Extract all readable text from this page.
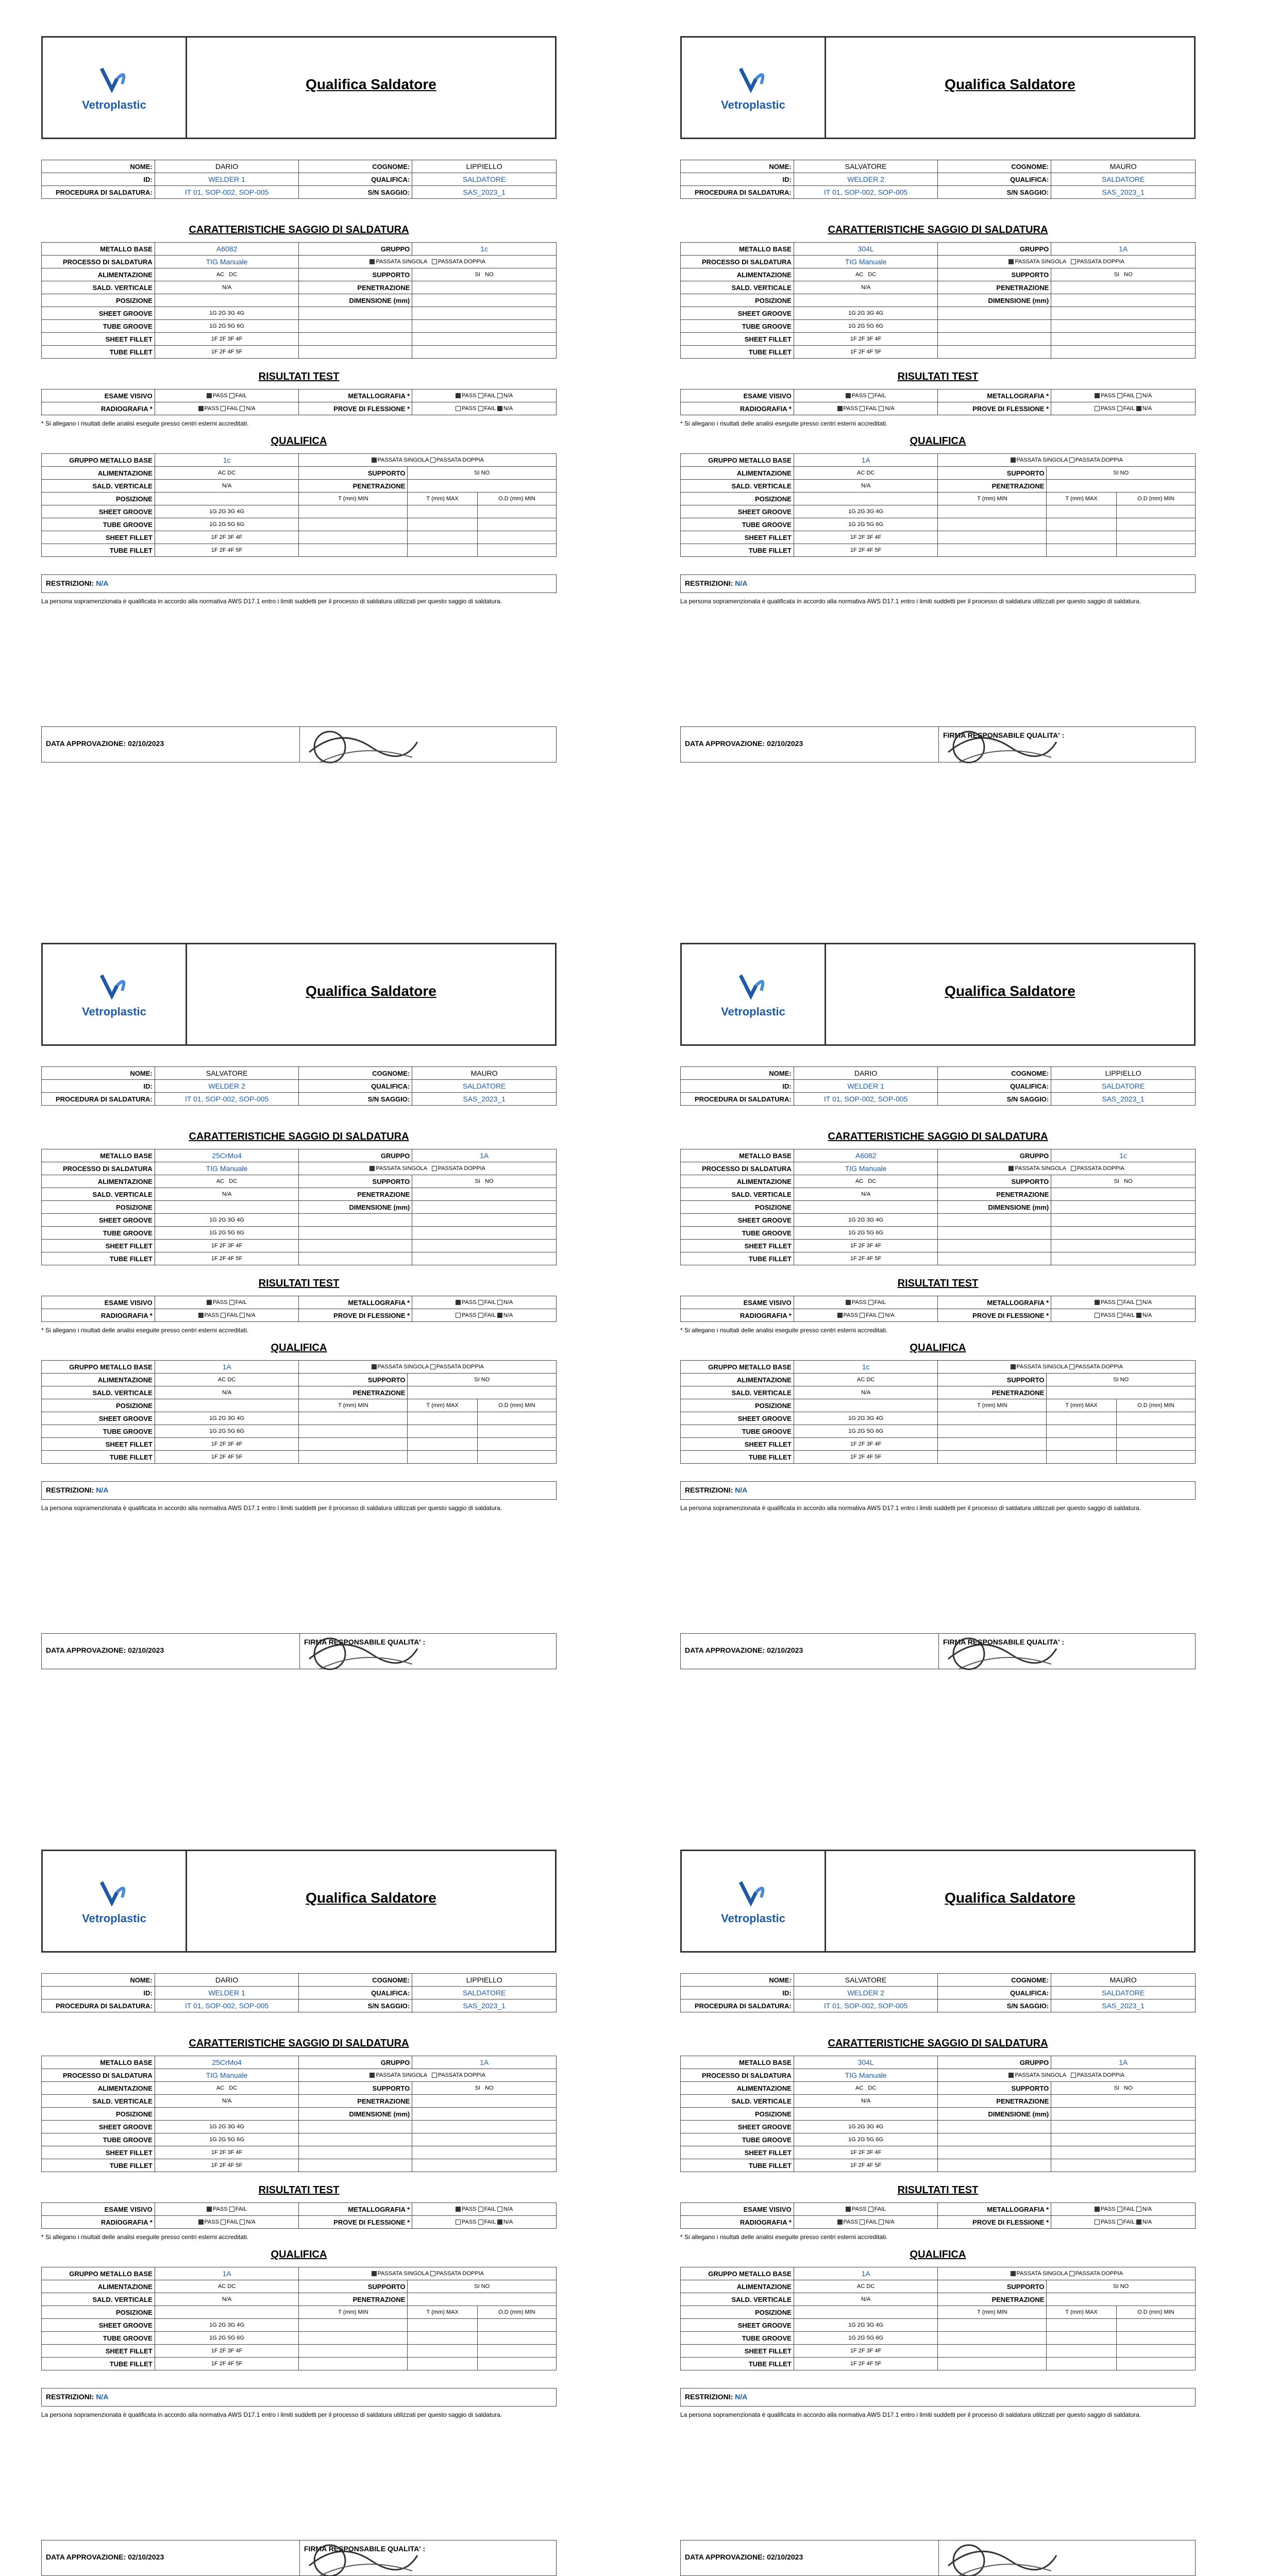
Vetroplastic
Qualifica Saldatore
NOME:	DARIO	COGNOME:	LIPPIELLO
ID:	WELDER 1	QUALIFICA:	SALDATORE
PROCEDURA DI SALDATURA:	IT 01, SOP-002, SOP-005	S/N SAGGIO:	SAS_2023_1
CARATTERISTICHE SAGGIO DI SALDATURA
METALLO BASE	A6082	GRUPPO	1c
PROCESSO DI SALDATURA	TIG Manuale	PASSATA SINGOLA PASSATA DOPPIA	
ALIMENTAZIONE	AC   DC	SUPPORTO	SI   NO
SALD. VERTICALE	N/A	PENETRAZIONE	
POSIZIONE		DIMENSIONE (mm)	
SHEET GROOVE	1G 2G 3G 4G		
TUBE GROOVE	1G 2G 5G 6G		
SHEET FILLET	1F 2F 3F 4F		
TUBE FILLET	1F 2F 4F 5F		
RISULTATI TEST
ESAME VISIVO	PASS FAIL	METALLOGRAFIA *	PASS FAIL N/A
RADIOGRAFIA *	PASS FAIL N/A	PROVE DI FLESSIONE *	PASS FAIL N/A
* Si allegano i risultati delle analisi eseguite presso centri esterni accreditati.
QUALIFICA
GRUPPO METALLO BASE	1c	PASSATA SINGOLA PASSATA DOPPIA		
ALIMENTAZIONE	AC DC	SUPPORTO	SI NO	
SALD. VERTICALE	N/A	PENETRAZIONE		
POSIZIONE		T (mm) MIN	T (mm) MAX	O.D (mm) MIN
SHEET GROOVE	1G 2G 3G 4G			
TUBE GROOVE	1G 2G 5G 6G			
SHEET FILLET	1F 2F 3F 4F			
TUBE FILLET	1F 2F 4F 5F			
RESTRIZIONI: N/A
La persona sopramenzionata è qualificata in accordo alla normativa AWS D17.1 entro i limiti suddetti per il processo di saldatura utilizzati per questo saggio di saldatura.
DATA APPROVAZIONE: 02/10/2023
Vetroplastic
Qualifica Saldatore
NOME:	SALVATORE	COGNOME:	MAURO
ID:	WELDER 2	QUALIFICA:	SALDATORE
PROCEDURA DI SALDATURA:	IT 01, SOP-002, SOP-005	S/N SAGGIO:	SAS_2023_1
CARATTERISTICHE SAGGIO DI SALDATURA
METALLO BASE	304L	GRUPPO	1A
PROCESSO DI SALDATURA	TIG Manuale	PASSATA SINGOLA PASSATA DOPPIA	
ALIMENTAZIONE	AC   DC	SUPPORTO	SI   NO
SALD. VERTICALE	N/A	PENETRAZIONE	
POSIZIONE		DIMENSIONE (mm)	
SHEET GROOVE	1G 2G 3G 4G		
TUBE GROOVE	1G 2G 5G 6G		
SHEET FILLET	1F 2F 3F 4F		
TUBE FILLET	1F 2F 4F 5F		
RISULTATI TEST
ESAME VISIVO	PASS FAIL	METALLOGRAFIA *	PASS FAIL N/A
RADIOGRAFIA *	PASS FAIL N/A	PROVE DI FLESSIONE *	PASS FAIL N/A
* Si allegano i risultati delle analisi eseguite presso centri esterni accreditati.
QUALIFICA
GRUPPO METALLO BASE	1A	PASSATA SINGOLA PASSATA DOPPIA		
ALIMENTAZIONE	AC DC	SUPPORTO	SI NO	
SALD. VERTICALE	N/A	PENETRAZIONE		
POSIZIONE		T (mm) MIN	T (mm) MAX	O.D (mm) MIN
SHEET GROOVE	1G 2G 3G 4G			
TUBE GROOVE	1G 2G 5G 6G			
SHEET FILLET	1F 2F 3F 4F			
TUBE FILLET	1F 2F 4F 5F			
RESTRIZIONI: N/A
La persona sopramenzionata è qualificata in accordo alla normativa AWS D17.1 entro i limiti suddetti per il processo di saldatura utilizzati per questo saggio di saldatura.
DATA APPROVAZIONE: 02/10/2023
FIRMA RESPONSABILE QUALITA' :
Vetroplastic
Qualifica Saldatore
NOME:	SALVATORE	COGNOME:	MAURO
ID:	WELDER 2	QUALIFICA:	SALDATORE
PROCEDURA DI SALDATURA:	IT 01, SOP-002, SOP-005	S/N SAGGIO:	SAS_2023_1
CARATTERISTICHE SAGGIO DI SALDATURA
METALLO BASE	25CrMo4	GRUPPO	1A
PROCESSO DI SALDATURA	TIG Manuale	PASSATA SINGOLA PASSATA DOPPIA	
ALIMENTAZIONE	AC   DC	SUPPORTO	SI   NO
SALD. VERTICALE	N/A	PENETRAZIONE	
POSIZIONE		DIMENSIONE (mm)	
SHEET GROOVE	1G 2G 3G 4G		
TUBE GROOVE	1G 2G 5G 6G		
SHEET FILLET	1F 2F 3F 4F		
TUBE FILLET	1F 2F 4F 5F		
RISULTATI TEST
ESAME VISIVO	PASS FAIL	METALLOGRAFIA *	PASS FAIL N/A
RADIOGRAFIA *	PASS FAIL N/A	PROVE DI FLESSIONE *	PASS FAIL N/A
* Si allegano i risultati delle analisi eseguite presso centri esterni accreditati.
QUALIFICA
GRUPPO METALLO BASE	1A	PASSATA SINGOLA PASSATA DOPPIA		
ALIMENTAZIONE	AC DC	SUPPORTO	SI NO	
SALD. VERTICALE	N/A	PENETRAZIONE		
POSIZIONE		T (mm) MIN	T (mm) MAX	O.D (mm) MIN
SHEET GROOVE	1G 2G 3G 4G			
TUBE GROOVE	1G 2G 5G 6G			
SHEET FILLET	1F 2F 3F 4F			
TUBE FILLET	1F 2F 4F 5F			
RESTRIZIONI: N/A
La persona sopramenzionata è qualificata in accordo alla normativa AWS D17.1 entro i limiti suddetti per il processo di saldatura utilizzati per questo saggio di saldatura.
DATA APPROVAZIONE: 02/10/2023
FIRMA RESPONSABILE QUALITA' :
Vetroplastic
Qualifica Saldatore
NOME:	DARIO	COGNOME:	LIPPIELLO
ID:	WELDER 1	QUALIFICA:	SALDATORE
PROCEDURA DI SALDATURA:	IT 01, SOP-002, SOP-005	S/N SAGGIO:	SAS_2023_1
CARATTERISTICHE SAGGIO DI SALDATURA
METALLO BASE	A6082	GRUPPO	1c
PROCESSO DI SALDATURA	TIG Manuale	PASSATA SINGOLA PASSATA DOPPIA	
ALIMENTAZIONE	AC   DC	SUPPORTO	SI   NO
SALD. VERTICALE	N/A	PENETRAZIONE	
POSIZIONE		DIMENSIONE (mm)	
SHEET GROOVE	1G 2G 3G 4G		
TUBE GROOVE	1G 2G 5G 6G		
SHEET FILLET	1F 2F 3F 4F		
TUBE FILLET	1F 2F 4F 5F		
RISULTATI TEST
ESAME VISIVO	PASS FAIL	METALLOGRAFIA *	PASS FAIL N/A
RADIOGRAFIA *	PASS FAIL N/A	PROVE DI FLESSIONE *	PASS FAIL N/A
* Si allegano i risultati delle analisi eseguite presso centri esterni accreditati.
QUALIFICA
GRUPPO METALLO BASE	1c	PASSATA SINGOLA PASSATA DOPPIA		
ALIMENTAZIONE	AC DC	SUPPORTO	SI NO	
SALD. VERTICALE	N/A	PENETRAZIONE		
POSIZIONE		T (mm) MIN	T (mm) MAX	O.D (mm) MIN
SHEET GROOVE	1G 2G 3G 4G			
TUBE GROOVE	1G 2G 5G 6G			
SHEET FILLET	1F 2F 3F 4F			
TUBE FILLET	1F 2F 4F 5F			
RESTRIZIONI: N/A
La persona sopramenzionata è qualificata in accordo alla normativa AWS D17.1 entro i limiti suddetti per il processo di saldatura utilizzati per questo saggio di saldatura.
DATA APPROVAZIONE: 02/10/2023
FIRMA RESPONSABILE QUALITA' :
Vetroplastic
Qualifica Saldatore
NOME:	DARIO	COGNOME:	LIPPIELLO
ID:	WELDER 1	QUALIFICA:	SALDATORE
PROCEDURA DI SALDATURA:	IT 01, SOP-002, SOP-005	S/N SAGGIO:	SAS_2023_1
CARATTERISTICHE SAGGIO DI SALDATURA
METALLO BASE	25CrMo4	GRUPPO	1A
PROCESSO DI SALDATURA	TIG Manuale	PASSATA SINGOLA PASSATA DOPPIA	
ALIMENTAZIONE	AC   DC	SUPPORTO	SI   NO
SALD. VERTICALE	N/A	PENETRAZIONE	
POSIZIONE		DIMENSIONE (mm)	
SHEET GROOVE	1G 2G 3G 4G		
TUBE GROOVE	1G 2G 5G 6G		
SHEET FILLET	1F 2F 3F 4F		
TUBE FILLET	1F 2F 4F 5F		
RISULTATI TEST
ESAME VISIVO	PASS FAIL	METALLOGRAFIA *	PASS FAIL N/A
RADIOGRAFIA *	PASS FAIL N/A	PROVE DI FLESSIONE *	PASS FAIL N/A
* Si allegano i risultati delle analisi eseguite presso centri esterni accreditati.
QUALIFICA
GRUPPO METALLO BASE	1A	PASSATA SINGOLA PASSATA DOPPIA		
ALIMENTAZIONE	AC DC	SUPPORTO	SI NO	
SALD. VERTICALE	N/A	PENETRAZIONE		
POSIZIONE		T (mm) MIN	T (mm) MAX	O.D (mm) MIN
SHEET GROOVE	1G 2G 3G 4G			
TUBE GROOVE	1G 2G 5G 6G			
SHEET FILLET	1F 2F 3F 4F			
TUBE FILLET	1F 2F 4F 5F			
RESTRIZIONI: N/A
La persona sopramenzionata è qualificata in accordo alla normativa AWS D17.1 entro i limiti suddetti per il processo di saldatura utilizzati per questo saggio di saldatura.
DATA APPROVAZIONE: 02/10/2023
FIRMA RESPONSABILE QUALITA' :
Vetroplastic
Qualifica Saldatore
NOME:	SALVATORE	COGNOME:	MAURO
ID:	WELDER 2	QUALIFICA:	SALDATORE
PROCEDURA DI SALDATURA:	IT 01, SOP-002, SOP-005	S/N SAGGIO:	SAS_2023_1
CARATTERISTICHE SAGGIO DI SALDATURA
METALLO BASE	304L	GRUPPO	1A
PROCESSO DI SALDATURA	TIG Manuale	PASSATA SINGOLA PASSATA DOPPIA	
ALIMENTAZIONE	AC   DC	SUPPORTO	SI   NO
SALD. VERTICALE	N/A	PENETRAZIONE	
POSIZIONE		DIMENSIONE (mm)	
SHEET GROOVE	1G 2G 3G 4G		
TUBE GROOVE	1G 2G 5G 6G		
SHEET FILLET	1F 2F 3F 4F		
TUBE FILLET	1F 2F 4F 5F		
RISULTATI TEST
ESAME VISIVO	PASS FAIL	METALLOGRAFIA *	PASS FAIL N/A
RADIOGRAFIA *	PASS FAIL N/A	PROVE DI FLESSIONE *	PASS FAIL N/A
* Si allegano i risultati delle analisi eseguite presso centri esterni accreditati.
QUALIFICA
GRUPPO METALLO BASE	1A	PASSATA SINGOLA PASSATA DOPPIA		
ALIMENTAZIONE	AC DC	SUPPORTO	SI NO	
SALD. VERTICALE	N/A	PENETRAZIONE		
POSIZIONE		T (mm) MIN	T (mm) MAX	O.D (mm) MIN
SHEET GROOVE	1G 2G 3G 4G			
TUBE GROOVE	1G 2G 5G 6G			
SHEET FILLET	1F 2F 3F 4F			
TUBE FILLET	1F 2F 4F 5F			
RESTRIZIONI: N/A
La persona sopramenzionata è qualificata in accordo alla normativa AWS D17.1 entro i limiti suddetti per il processo di saldatura utilizzati per questo saggio di saldatura.
DATA APPROVAZIONE: 02/10/2023
